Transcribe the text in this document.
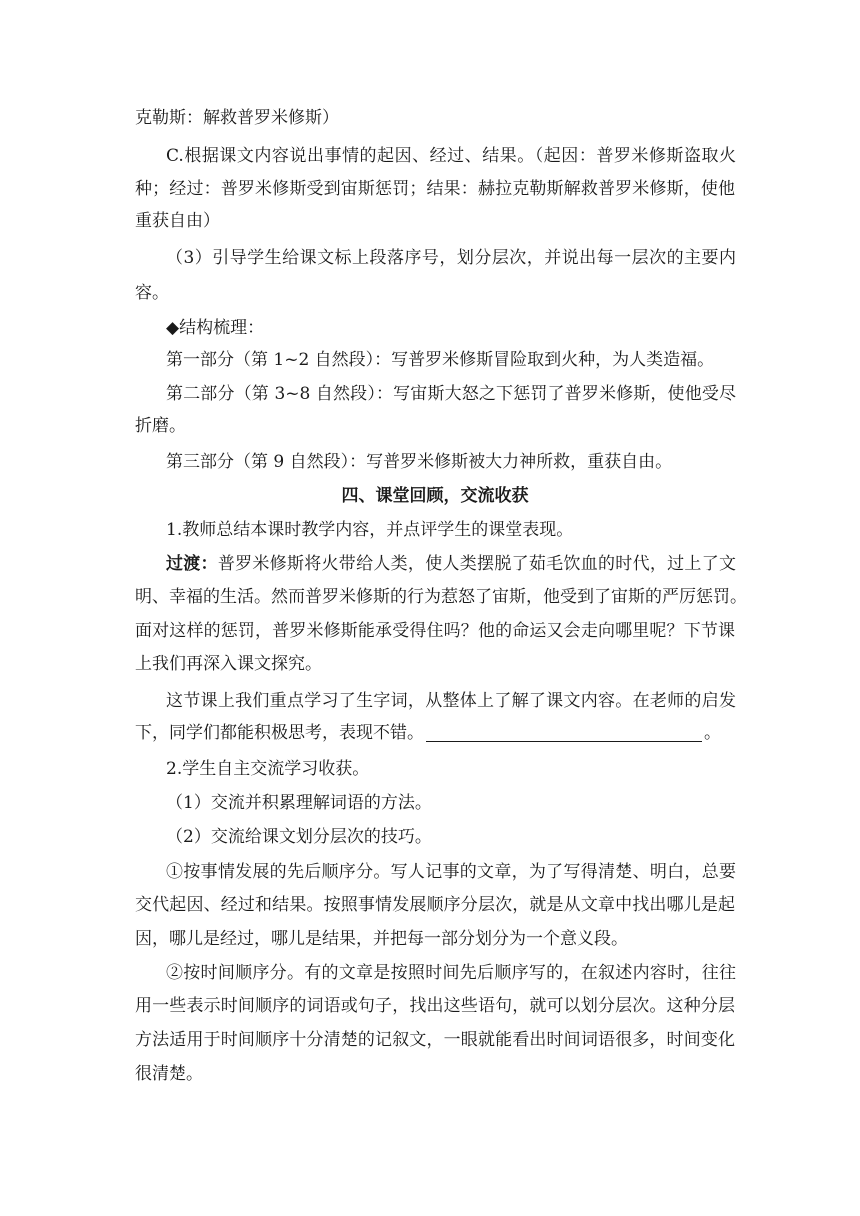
克勒斯：解救普罗米修斯）

C.根据课文内容说出事情的起因、经过、结果。（起因：普罗米修斯盗取火

种；经过：普罗米修斯受到宙斯惩罚；结果：赫拉克勒斯解救普罗米修斯，使他

重获自由）

（3）引导学生给课文标上段落序号，划分层次，并说出每一层次的主要内

容。

◆结构梳理：

第一部分（第 1~2 自然段）：写普罗米修斯冒险取到火种，为人类造福。

第二部分（第 3~8 自然段）：写宙斯大怒之下惩罚了普罗米修斯，使他受尽

折磨。

第三部分（第 9 自然段）：写普罗米修斯被大力神所救，重获自由。

四、课堂回顾，交流收获

1.教师总结本课时教学内容，并点评学生的课堂表现。

过渡：普罗米修斯将火带给人类，使人类摆脱了茹毛饮血的时代，过上了文

明、幸福的生活。然而普罗米修斯的行为惹怒了宙斯，他受到了宙斯的严厉惩罚。

面对这样的惩罚，普罗米修斯能承受得住吗？他的命运又会走向哪里呢？下节课

上我们再深入课文探究。

这节课上我们重点学习了生字词，从整体上了解了课文内容。在老师的启发

下，同学们都能积极思考，表现不错。	。

2.学生自主交流学习收获。

（1）交流并积累理解词语的方法。

（2）交流给课文划分层次的技巧。

①按事情发展的先后顺序分。写人记事的文章，为了写得清楚、明白，总要

交代起因、经过和结果。按照事情发展顺序分层次，就是从文章中找出哪儿是起

因，哪儿是经过，哪儿是结果，并把每一部分划分为一个意义段。

②按时间顺序分。有的文章是按照时间先后顺序写的，在叙述内容时，往往

用一些表示时间顺序的词语或句子，找出这些语句，就可以划分层次。这种分层

方法适用于时间顺序十分清楚的记叙文，一眼就能看出时间词语很多，时间变化

很清楚。
